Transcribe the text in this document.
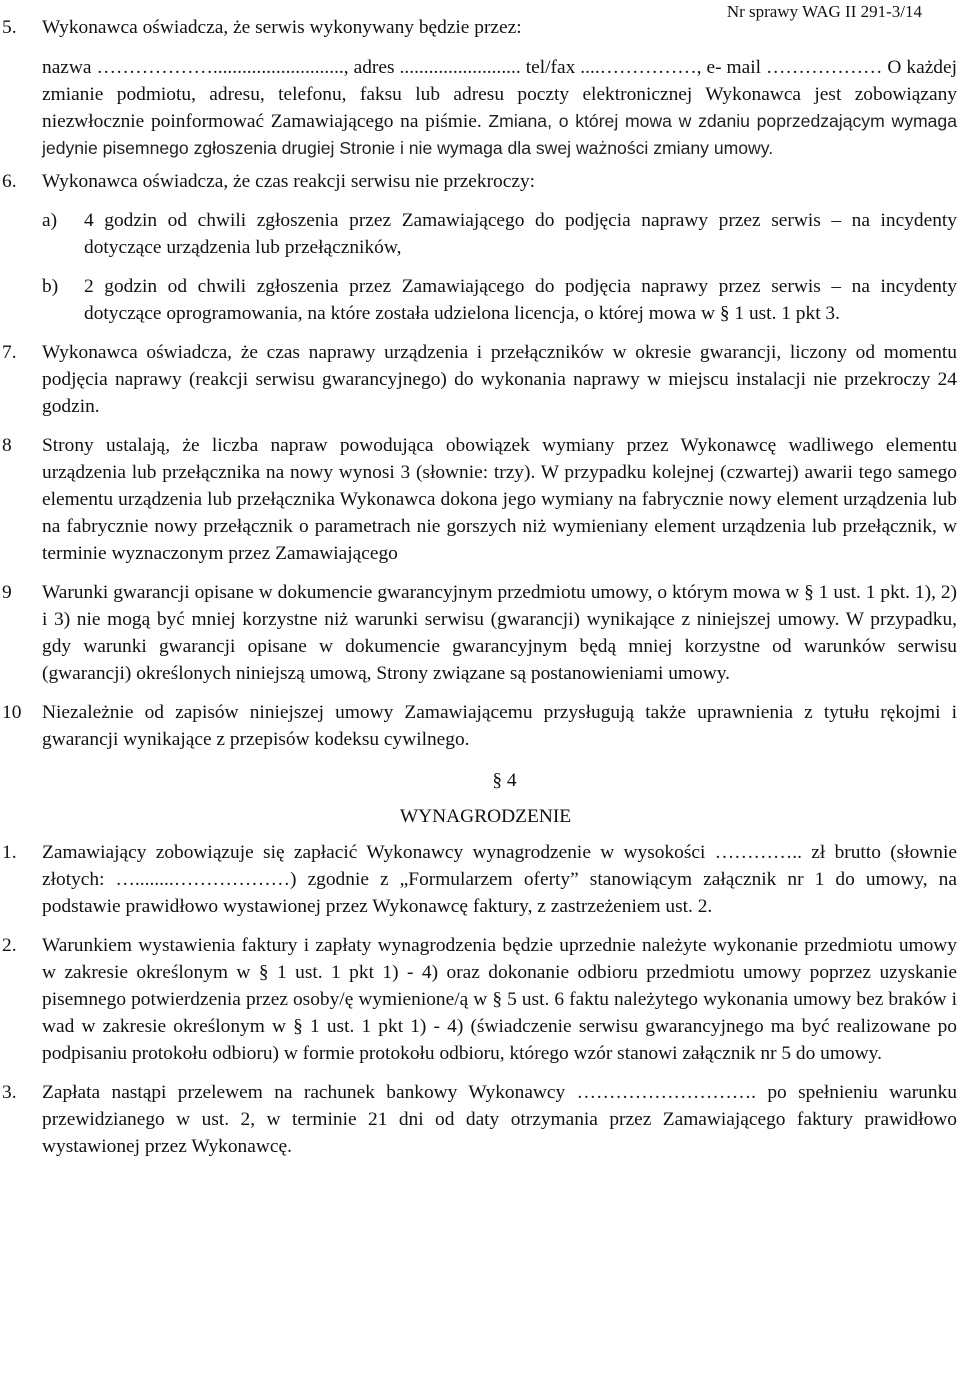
Nr sprawy WAG II 291-3/14
5. Wykonawca oświadcza, że serwis wykonywany będzie przez:
nazwa ………………..........................., adres ......................... tel/fax ....……………, e- mail ……………… O każdej zmianie podmiotu, adresu, telefonu, faksu lub adresu poczty elektronicznej Wykonawca jest zobowiązany niezwłocznie poinformować Zamawiającego na piśmie. Zmiana, o której mowa w zdaniu poprzedzającym wymaga jedynie pisemnego zgłoszenia drugiej Stronie i nie wymaga dla swej ważności zmiany umowy.
6. Wykonawca oświadcza, że czas reakcji serwisu nie przekroczy:
a) 4 godzin od chwili zgłoszenia przez Zamawiającego do podjęcia naprawy przez serwis – na incydenty dotyczące urządzenia lub przełączników,
b) 2 godzin od chwili zgłoszenia przez Zamawiającego do podjęcia naprawy przez serwis – na incydenty dotyczące oprogramowania, na które została udzielona licencja, o której mowa w § 1 ust. 1 pkt 3.
7. Wykonawca oświadcza, że czas naprawy urządzenia i przełączników w okresie gwarancji, liczony od momentu podjęcia naprawy (reakcji serwisu gwarancyjnego) do wykonania naprawy w miejscu instalacji nie przekroczy 24 godzin.
8 Strony ustalają, że liczba napraw powodująca obowiązek wymiany przez Wykonawcę wadliwego elementu urządzenia lub przełącznika na nowy wynosi 3 (słownie: trzy). W przypadku kolejnej (czwartej) awarii tego samego elementu urządzenia lub przełącznika Wykonawca dokona jego wymiany na fabrycznie nowy element urządzenia lub na fabrycznie nowy przełącznik o parametrach nie gorszych niż wymieniany element urządzenia lub przełącznik, w terminie wyznaczonym przez Zamawiającego
9 Warunki gwarancji opisane w dokumencie gwarancyjnym przedmiotu umowy, o którym mowa w § 1 ust. 1 pkt. 1), 2) i 3) nie mogą być mniej korzystne niż warunki serwisu (gwarancji) wynikające z niniejszej umowy. W przypadku, gdy warunki gwarancji opisane w dokumencie gwarancyjnym będą mniej korzystne od warunków serwisu (gwarancji) określonych niniejszą umową, Strony związane są postanowieniami umowy.
10 Niezależnie od zapisów niniejszej umowy Zamawiającemu przysługują także uprawnienia z tytułu rękojmi i gwarancji wynikające z przepisów kodeksu cywilnego.
§ 4
WYNAGRODZENIE
1. Zamawiający zobowiązuje się zapłacić Wykonawcy wynagrodzenie w wysokości ………….. zł brutto (słownie złotych: …........………………) zgodnie z „Formularzem oferty” stanowiącym załącznik nr 1 do umowy, na podstawie prawidłowo wystawionej przez Wykonawcę faktury, z zastrzeżeniem ust. 2.
2. Warunkiem wystawienia faktury i zapłaty wynagrodzenia będzie uprzednie należyte wykonanie przedmiotu umowy w zakresie określonym w § 1 ust. 1 pkt 1) - 4) oraz dokonanie odbioru przedmiotu umowy poprzez uzyskanie pisemnego potwierdzenia przez osoby/ę wymienione/ą w § 5 ust. 6 faktu należytego wykonania umowy bez braków i wad w zakresie określonym w § 1 ust. 1 pkt 1) - 4) (świadczenie serwisu gwarancyjnego ma być realizowane po podpisaniu protokołu odbioru) w formie protokołu odbioru, którego wzór stanowi załącznik nr 5 do umowy.
3. Zapłata nastąpi przelewem na rachunek bankowy Wykonawcy ………………………. po spełnieniu warunku przewidzianego w ust. 2, w terminie 21 dni od daty otrzymania przez Zamawiającego faktury prawidłowo wystawionej przez Wykonawcę.
